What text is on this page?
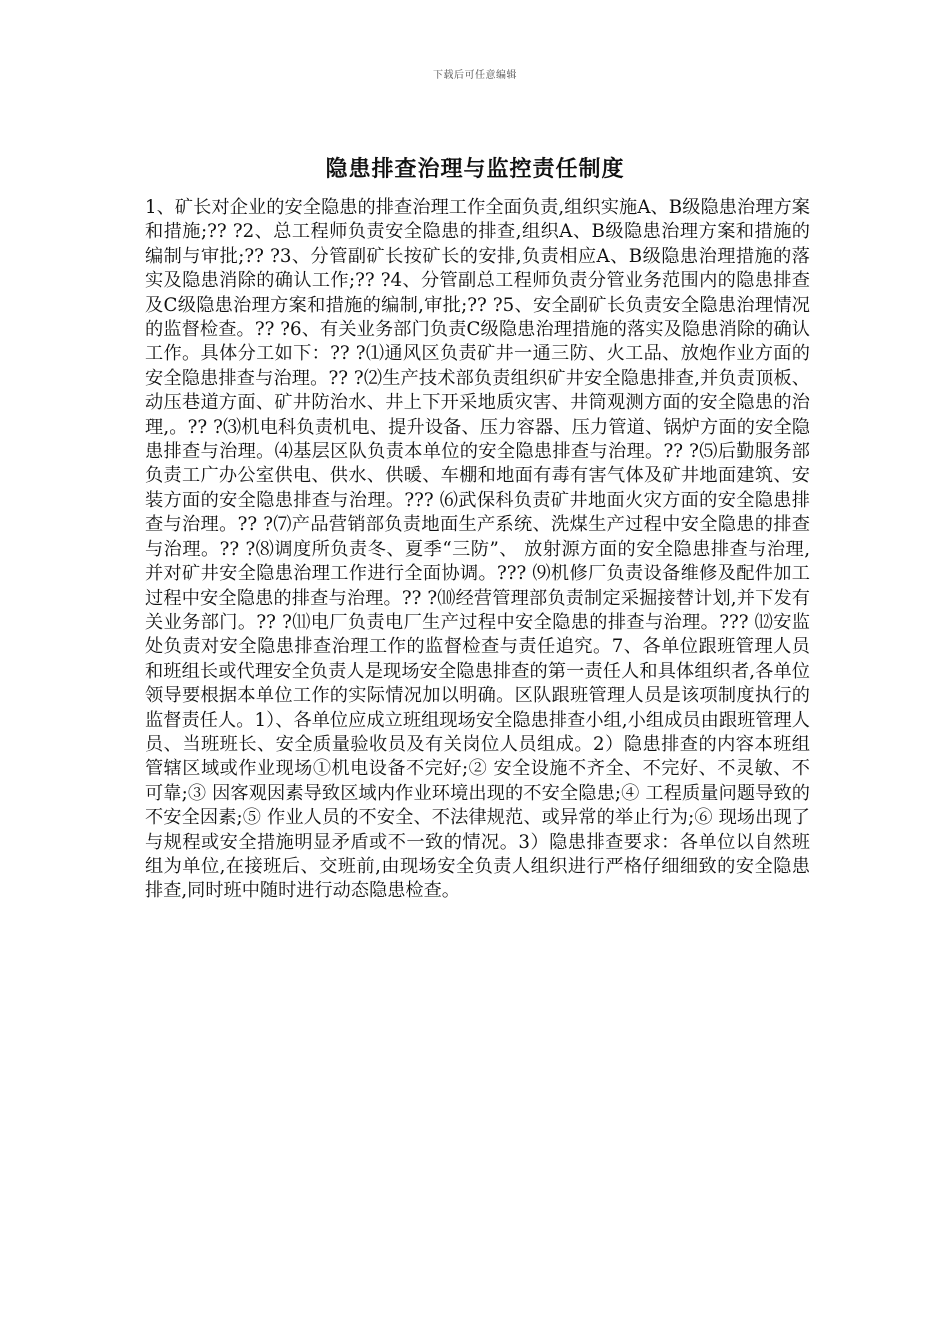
下载后可任意编辑
隐患排查治理与监控责任制度

1、矿长对企业的安全隐患的排查治理工作全面负责,组织实施A、B级隐患治理方案和措施;?? ?2、总工程师负责安全隐患的排查,组织A、B级隐患治理方案和措施的编制与审批;?? ?3、分管副矿长按矿长的安排,负责相应A、B级隐患治理措施的落实及隐患消除的确认工作;?? ?4、分管副总工程师负责分管业务范围内的隐患排查及C级隐患治理方案和措施的编制,审批;?? ?5、安全副矿长负责安全隐患治理情况的监督检查。?? ?6、有关业务部门负责C级隐患治理措施的落实及隐患消除的确认工作。具体分工如下：?? ?⑴通风区负责矿井一通三防、火工品、放炮作业方面的安全隐患排查与治理。?? ?⑵生产技术部负责组织矿井安全隐患排查,并负责顶板、动压巷道方面、矿井防治水、井上下开采地质灾害、井筒观测方面的安全隐患的治理,。?? ?⑶机电科负责机电、提升设备、压力容器、压力管道、锅炉方面的安全隐患排查与治理。⑷基层区队负责本单位的安全隐患排查与治理。?? ?⑸后勤服务部负责工广办公室供电、供水、供暖、车棚和地面有毒有害气体及矿井地面建筑、安装方面的安全隐患排查与治理。??? ⑹武保科负责矿井地面火灾方面的安全隐患排查与治理。?? ?⑺产品营销部负责地面生产系统、洗煤生产过程中安全隐患的排查与治理。?? ?⑻调度所负责冬、夏季“三防”、 放射源方面的安全隐患排查与治理,并对矿井安全隐患治理工作进行全面协调。??? ⑼机修厂负责设备维修及配件加工过程中安全隐患的排查与治理。?? ?⑽经营管理部负责制定采掘接替计划,并下发有关业务部门。?? ?⑾电厂负责电厂生产过程中安全隐患的排查与治理。??? ⑿安监处负责对安全隐患排查治理工作的监督检查与责任追究。7、各单位跟班管理人员和班组长或代理安全负责人是现场安全隐患排查的第一责任人和具体组织者,各单位领导要根据本单位工作的实际情况加以明确。区队跟班管理人员是该项制度执行的监督责任人。1）、各单位应成立班组现场安全隐患排查小组,小组成员由跟班管理人员、当班班长、安全质量验收员及有关岗位人员组成。2）隐患排查的内容本班组管辖区域或作业现场①机电设备不完好;② 安全设施不齐全、不完好、不灵敏、不可靠;③ 因客观因素导致区域内作业环境出现的不安全隐患;④ 工程质量问题导致的不安全因素;⑤ 作业人员的不安全、不法律规范、或异常的举止行为;⑥ 现场出现了与规程或安全措施明显矛盾或不一致的情况。3）隐患排查要求：各单位以自然班组为单位,在接班后、交班前,由现场安全负责人组织进行严格仔细细致的安全隐患排查,同时班中随时进行动态隐患检查。
